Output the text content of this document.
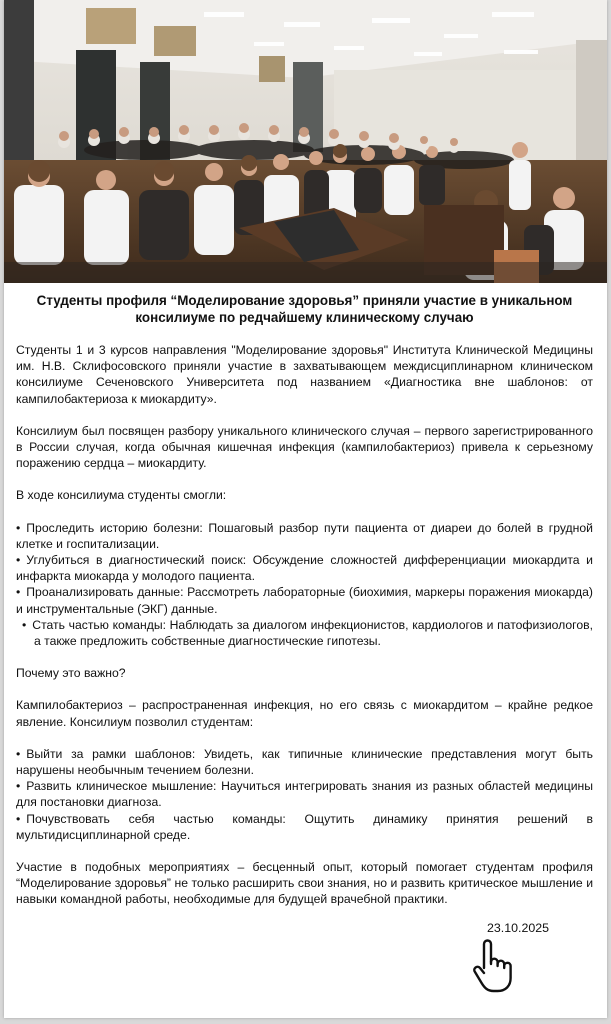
Студенты профиля “Моделирование здоровья” приняли участие в уникальном консилиуме по редчайшему клиническому случаю

Студенты 1 и 3 курсов направления "Моделирование здоровья" Института Клинической Медицины им. Н.В. Склифосовского приняли участие в захватывающем междисциплинарном клиническом консилиуме Сеченовского Университета под названием «Диагностика вне шаблонов: от кампилобактериоза к миокардиту».

Консилиум был посвящен разбору уникального клинического случая – первого зарегистрированного в России случая, когда обычная кишечная инфекция (кампилобактериоз) привела к серьезному поражению сердца – миокардиту.

В ходе консилиума студенты смогли:

• Проследить историю болезни: Пошаговый разбор пути пациента от диареи до болей в грудной клетке и госпитализации.
• Углубиться в диагностический поиск: Обсуждение сложностей дифференциации миокардита и инфаркта миокарда у молодого пациента.
• Проанализировать данные: Рассмотреть лабораторные (биохимия, маркеры поражения миокарда) и инструментальные (ЭКГ) данные.
• Стать частью команды: Наблюдать за диалогом инфекционистов, кардиологов и патофизиологов, а также предложить собственные диагностические гипотезы.

Почему это важно?

Кампилобактериоз – распространенная инфекция, но его связь с миокардитом – крайне редкое явление. Консилиум позволил студентам:

• Выйти за рамки шаблонов: Увидеть, как типичные клинические представления могут быть нарушены необычным течением болезни.
• Развить клиническое мышление: Научиться интегрировать знания из разных областей медицины для постановки диагноза.
• Почувствовать себя частью команды: Ощутить динамику принятия решений в мультидисциплинарной среде.

Участие в подобных мероприятиях – бесценный опыт, который помогает студентам профиля “Моделирование здоровья” не только расширить свои знания, но и развить критическое мышление и навыки командной работы, необходимые для будущей врачебной практики.

23.10.2025
